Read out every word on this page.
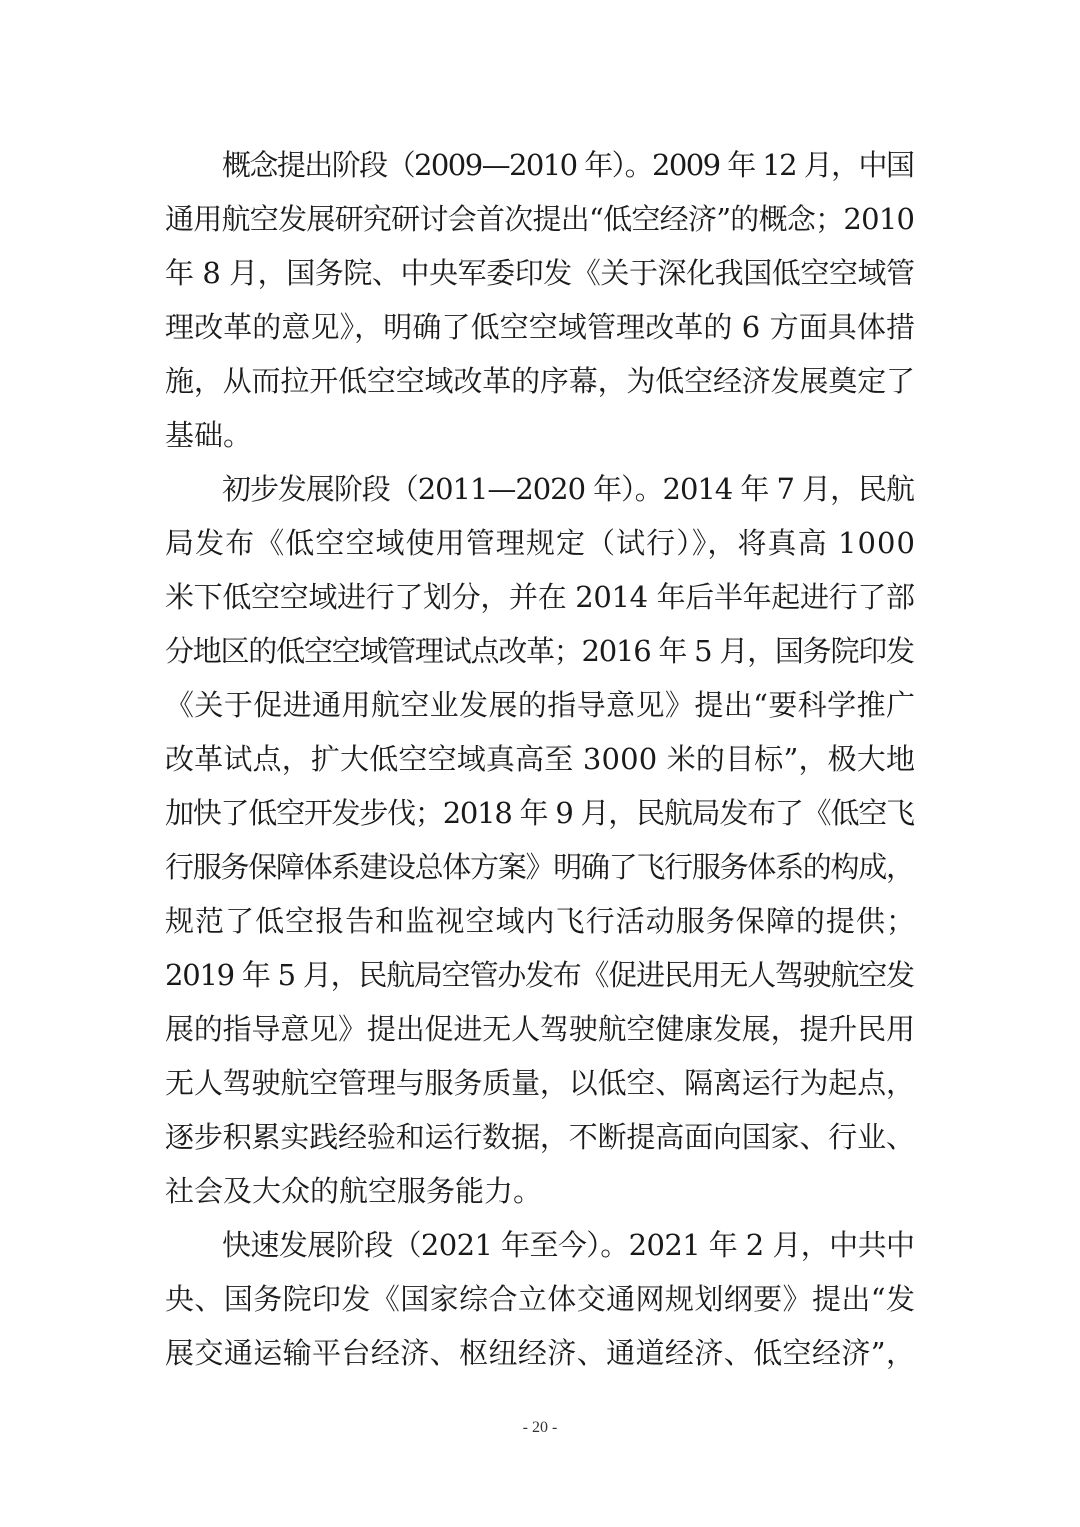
概念提出阶段（2009—2010 年）。2009 年 12 月，中国

通用航空发展研究研讨会首次提出“低空经济”的概念；2010

年 8 月，国务院、中央军委印发《关于深化我国低空空域管

理改革的意见》，明确了低空空域管理改革的 6 方面具体措

施，从而拉开低空空域改革的序幕，为低空经济发展奠定了

基础。

初步发展阶段（2011—2020 年）。2014 年 7 月，民航

局发布《低空空域使用管理规定（试行）》，将真高 1000

米下低空空域进行了划分，并在 2014 年后半年起进行了部

分地区的低空空域管理试点改革；2016 年 5 月，国务院印发

《关于促进通用航空业发展的指导意见》提出“要科学推广

改革试点，扩大低空空域真高至 3000 米的目标”，极大地

加快了低空开发步伐；2018 年 9 月，民航局发布了《低空飞

行服务保障体系建设总体方案》明确了飞行服务体系的构成，

规范了低空报告和监视空域内飞行活动服务保障的提供；

2019 年 5 月，民航局空管办发布《促进民用无人驾驶航空发

展的指导意见》提出促进无人驾驶航空健康发展，提升民用

无人驾驶航空管理与服务质量，以低空、隔离运行为起点，

逐步积累实践经验和运行数据，不断提高面向国家、行业、

社会及大众的航空服务能力。

快速发展阶段（2021 年至今）。2021 年 2 月，中共中

央、国务院印发《国家综合立体交通网规划纲要》提出“发

展交通运输平台经济、枢纽经济、通道经济、低空经济”，

- 20 -
